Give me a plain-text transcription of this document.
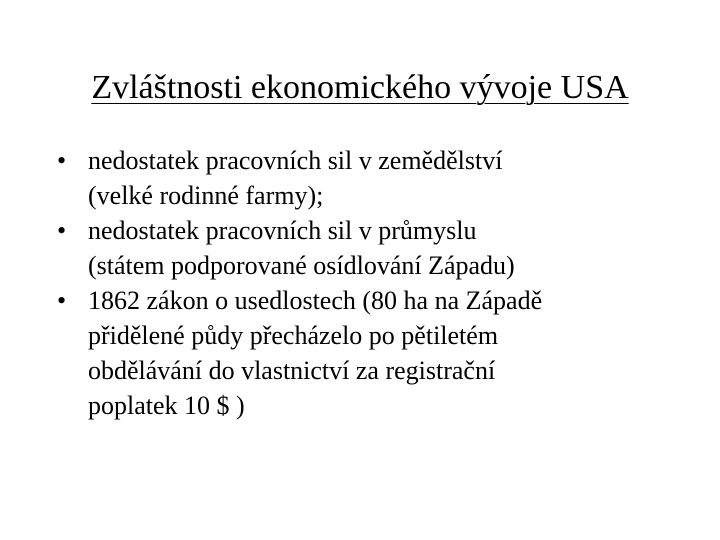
Zvláštnosti ekonomického vývoje USA
• nedostatek pracovních sil v zemědělství
(velké rodinné farmy);
• nedostatek pracovních sil v průmyslu
(státem podporované osídlování Západu)
• 1862 zákon o usedlostech (80 ha na Západě
přidělené půdy přecházelo po pětiletém
obdělávání do vlastnictví za registrační
poplatek 10 $ )
